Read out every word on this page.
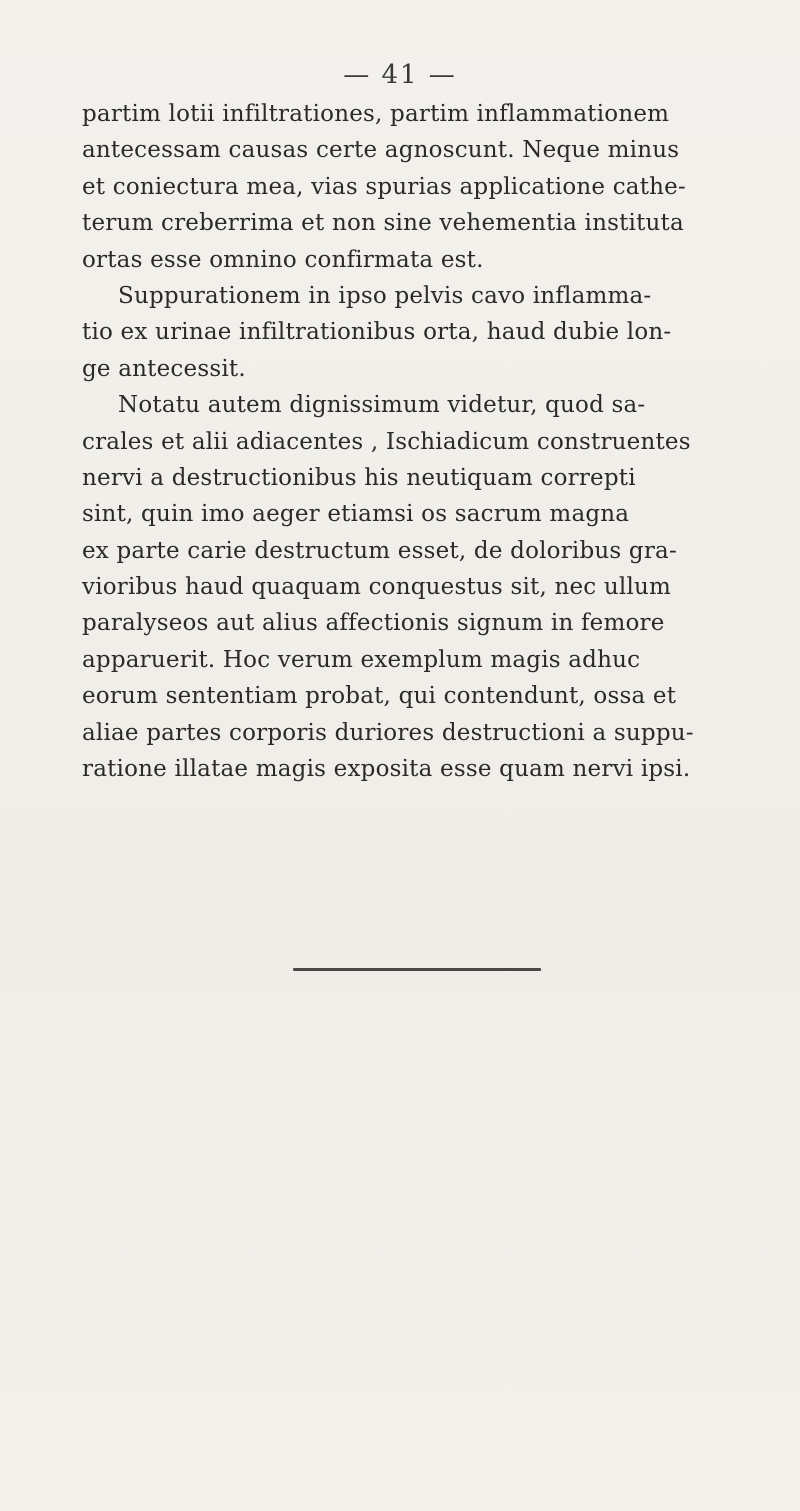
— 41 —
partim lotii infiltrationes, partim inflammationem
antecessam causas certe agnoscunt. Neque minus
et coniectura mea, vias spurias applicatione cathe-
terum creberrima et non sine vehementia instituta
ortas esse omnino confirmata est.
Suppurationem in ipso pelvis cavo inflamma-
tio ex urinae infiltrationibus orta, haud dubie lon-
ge antecessit.
Notatu autem dignissimum videtur, quod sa-
crales et alii adiacentes , Ischiadicum construentes
nervi a destructionibus his neutiquam correpti
sint, quin imo aeger etiamsi os sacrum magna
ex parte carie destructum esset, de doloribus gra-
vioribus haud quaquam conquestus sit, nec ullum
paralyseos aut alius affectionis signum in femore
apparuerit. Hoc verum exemplum magis adhuc
eorum sententiam probat, qui contendunt, ossa et
aliae partes corporis duriores destructioni a suppu-
ratione illatae magis exposita esse quam nervi ipsi.
